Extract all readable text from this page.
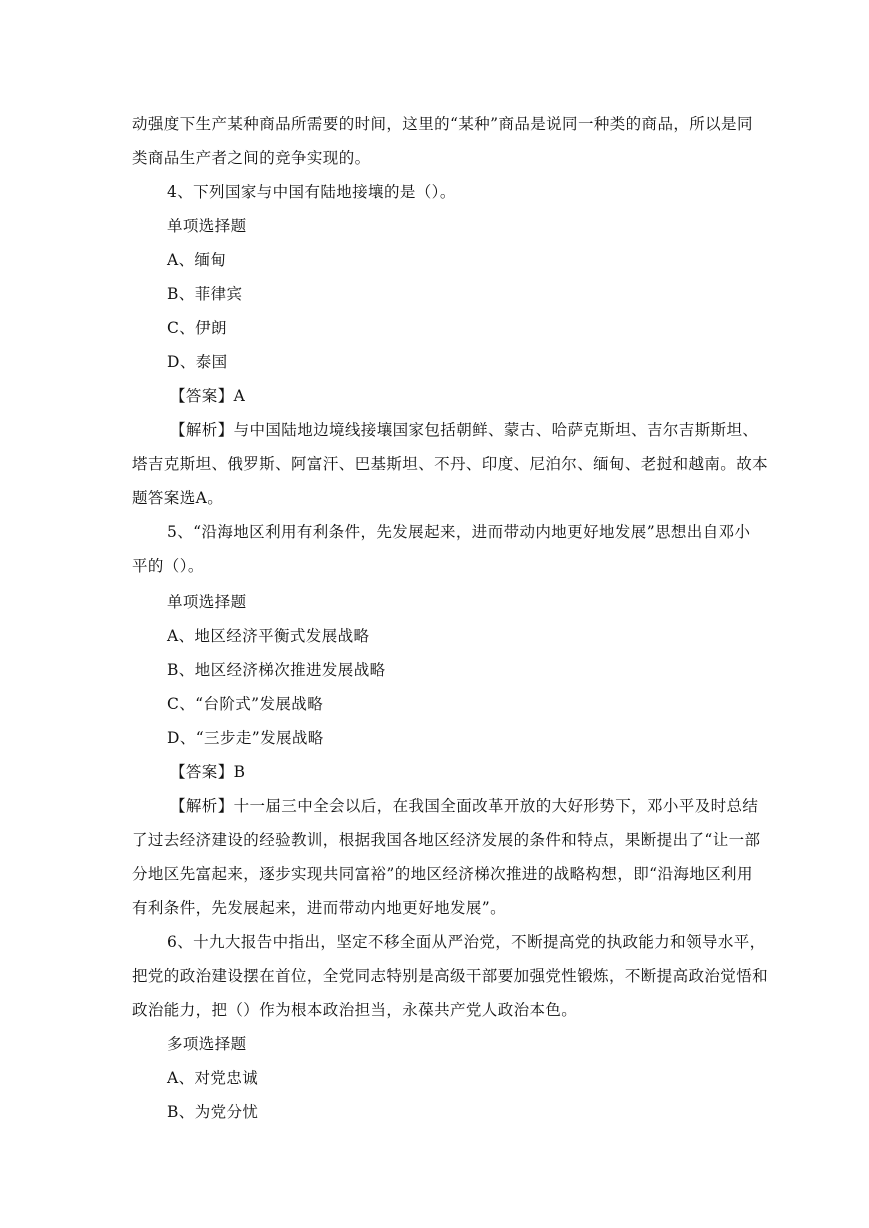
动强度下生产某种商品所需要的时间，这里的“某种”商品是说同一种类的商品，所以是同
类商品生产者之间的竞争实现的。
4、下列国家与中国有陆地接壤的是（）。
单项选择题
A、缅甸
B、菲律宾
C、伊朗
D、泰国
【答案】A
【解析】与中国陆地边境线接壤国家包括朝鲜、蒙古、哈萨克斯坦、吉尔吉斯斯坦、
塔吉克斯坦、俄罗斯、阿富汗、巴基斯坦、不丹、印度、尼泊尔、缅甸、老挝和越南。故本
题答案选A。
5、“沿海地区利用有利条件，先发展起来，进而带动内地更好地发展”思想出自邓小
平的（）。
单项选择题
A、地区经济平衡式发展战略
B、地区经济梯次推进发展战略
C、“台阶式”发展战略
D、“三步走”发展战略
【答案】B
【解析】十一届三中全会以后，在我国全面改革开放的大好形势下，邓小平及时总结
了过去经济建设的经验教训，根据我国各地区经济发展的条件和特点，果断提出了“让一部
分地区先富起来，逐步实现共同富裕”的地区经济梯次推进的战略构想，即“沿海地区利用
有利条件，先发展起来，进而带动内地更好地发展”。
6、十九大报告中指出，坚定不移全面从严治党，不断提高党的执政能力和领导水平，
把党的政治建设摆在首位，全党同志特别是高级干部要加强党性锻炼，不断提高政治觉悟和
政治能力，把（）作为根本政治担当，永葆共产党人政治本色。
多项选择题
A、对党忠诚
B、为党分忧
